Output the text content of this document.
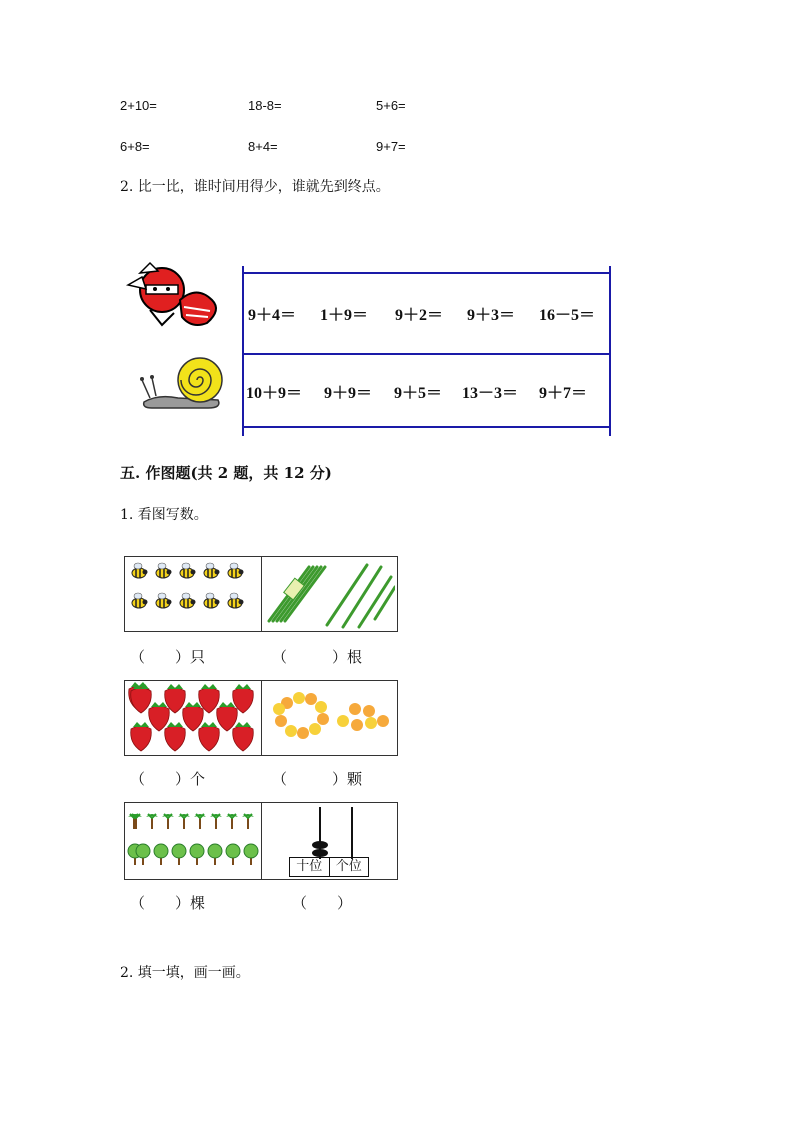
2+10=	18-8=	5+6=
6+8=	8+4=	9+7=
2. 比一比，谁时间用得少，谁就先到终点。
9＋4＝ 1＋9＝ 9＋2＝ 9＋3＝ 16－5＝
10＋9＝ 9＋9＝ 9＋5＝ 13－3＝ 9＋7＝
五. 作图题(共 2 题，共 12 分)
1. 看图写数。
（　　）只	（　　　）根
（　　）个	（　　　）颗
十位	个位
（　　）棵	（　　）
2. 填一填，画一画。
